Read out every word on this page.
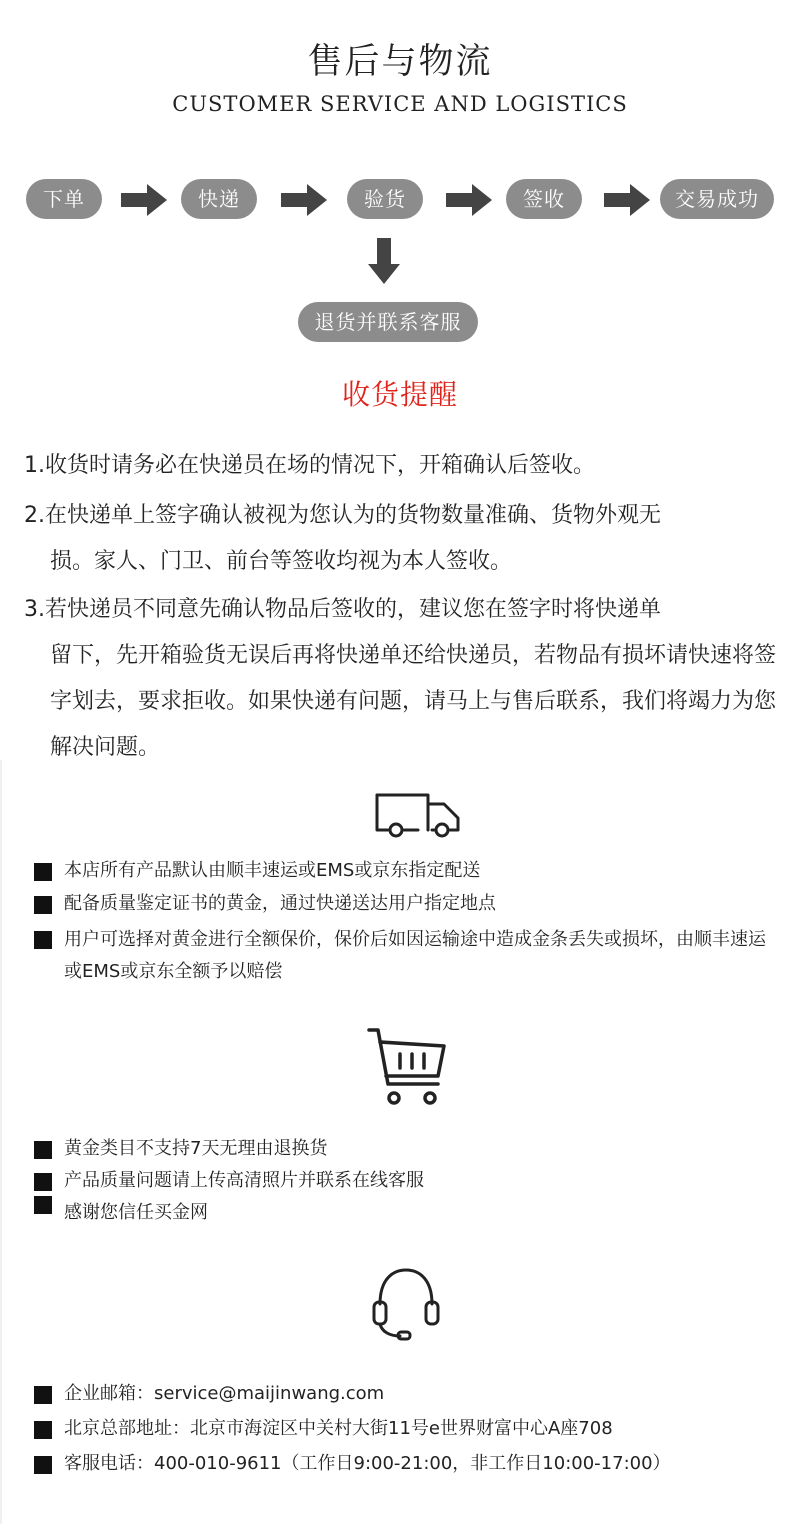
售后与物流
CUSTOMER SERVICE AND LOGISTICS
下单	快递	验货	签收	交易成功
退货并联系客服
收货提醒
1.收货时请务必在快递员在场的情况下，开箱确认后签收。
2.在快递单上签字确认被视为您认为的货物数量准确、货物外观无
损。家人、门卫、前台等签收均视为本人签收。
3.若快递员不同意先确认物品后签收的，建议您在签字时将快递单
留下，先开箱验货无误后再将快递单还给快递员，若物品有损坏请快速将签字划去，要求拒收。如果快递有问题，请马上与售后联系，我们将竭力为您解决问题。
本店所有产品默认由顺丰速运或EMS或京东指定配送
配备质量鉴定证书的黄金，通过快递送达用户指定地点
用户可选择对黄金进行全额保价，保价后如因运输途中造成金条丢失或损坏，由顺丰速运或EMS或京东全额予以赔偿
黄金类目不支持7天无理由退换货
产品质量问题请上传高清照片并联系在线客服
感谢您信任买金网
企业邮箱：service@maijinwang.com
北京总部地址：北京市海淀区中关村大街11号e世界财富中心A座708
客服电话：400-010-9611（工作日9:00-21:00，非工作日10:00-17:00）
